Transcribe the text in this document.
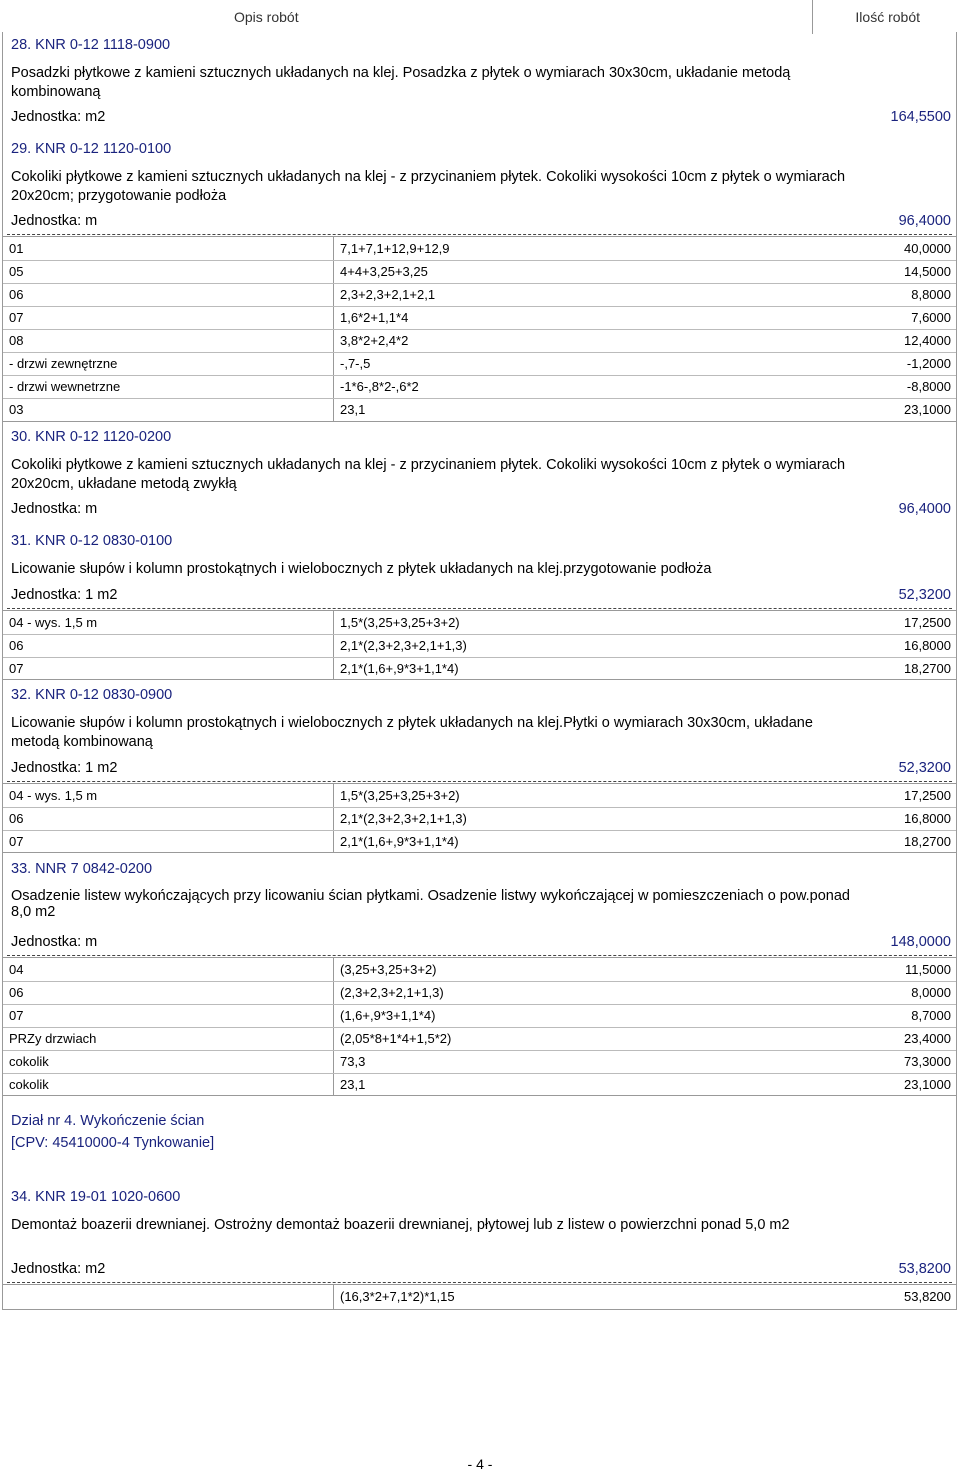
Opis robót	Ilość robót
28. KNR 0-12 1118-0900
Posadzki płytkowe z kamieni sztucznych układanych na klej. Posadzka z płytek o wymiarach 30x30cm, układanie metodą kombinowaną
Jednostka: m2	164,5500
29. KNR 0-12 1120-0100
Cokoliki płytkowe z kamieni sztucznych układanych na klej - z przycinaniem płytek. Cokoliki wysokości 10cm z płytek o wymiarach 20x20cm; przygotowanie podłoża
Jednostka: m	96,4000
01	7,1+7,1+12,9+12,9	40,0000
05	4+4+3,25+3,25	14,5000
06	2,3+2,3+2,1+2,1	8,8000
07	1,6*2+1,1*4	7,6000
08	3,8*2+2,4*2	12,4000
- drzwi zewnętrzne	-,7-,5	-1,2000
- drzwi wewnetrzne	-1*6-,8*2-,6*2	-8,8000
03	23,1	23,1000
30. KNR 0-12 1120-0200
Cokoliki płytkowe z kamieni sztucznych układanych na klej - z przycinaniem płytek. Cokoliki wysokości 10cm z płytek o wymiarach 20x20cm, układane metodą zwykłą
Jednostka: m	96,4000
31. KNR 0-12 0830-0100
Licowanie słupów i kolumn prostokątnych i wielobocznych z płytek układanych na klej.przygotowanie podłoża
Jednostka: 1 m2	52,3200
04 - wys. 1,5 m	1,5*(3,25+3,25+3+2)	17,2500
06	2,1*(2,3+2,3+2,1+1,3)	16,8000
07	2,1*(1,6+,9*3+1,1*4)	18,2700
32. KNR 0-12 0830-0900
Licowanie słupów i kolumn prostokątnych i wielobocznych z płytek układanych na klej.Płytki o wymiarach 30x30cm, układane metodą kombinowaną
Jednostka: 1 m2	52,3200
04 - wys. 1,5 m	1,5*(3,25+3,25+3+2)	17,2500
06	2,1*(2,3+2,3+2,1+1,3)	16,8000
07	2,1*(1,6+,9*3+1,1*4)	18,2700
33. NNR 7 0842-0200
Osadzenie listew wykończających przy licowaniu ścian płytkami. Osadzenie listwy wykończającej w pomieszczeniach o pow.ponad 8,0 m2
Jednostka: m	148,0000
04	(3,25+3,25+3+2)	11,5000
06	(2,3+2,3+2,1+1,3)	8,0000
07	(1,6+,9*3+1,1*4)	8,7000
PRZy drzwiach	(2,05*8+1*4+1,5*2)	23,4000
cokolik	73,3	73,3000
cokolik	23,1	23,1000
Dział nr 4. Wykończenie ścian
[CPV: 45410000-4 Tynkowanie]
34. KNR 19-01 1020-0600
Demontaż boazerii drewnianej. Ostrożny demontaż boazerii drewnianej, płytowej lub z listew o powierzchni ponad 5,0 m2
Jednostka: m2	53,8200
(16,3*2+7,1*2)*1,15	53,8200
- 4 -
